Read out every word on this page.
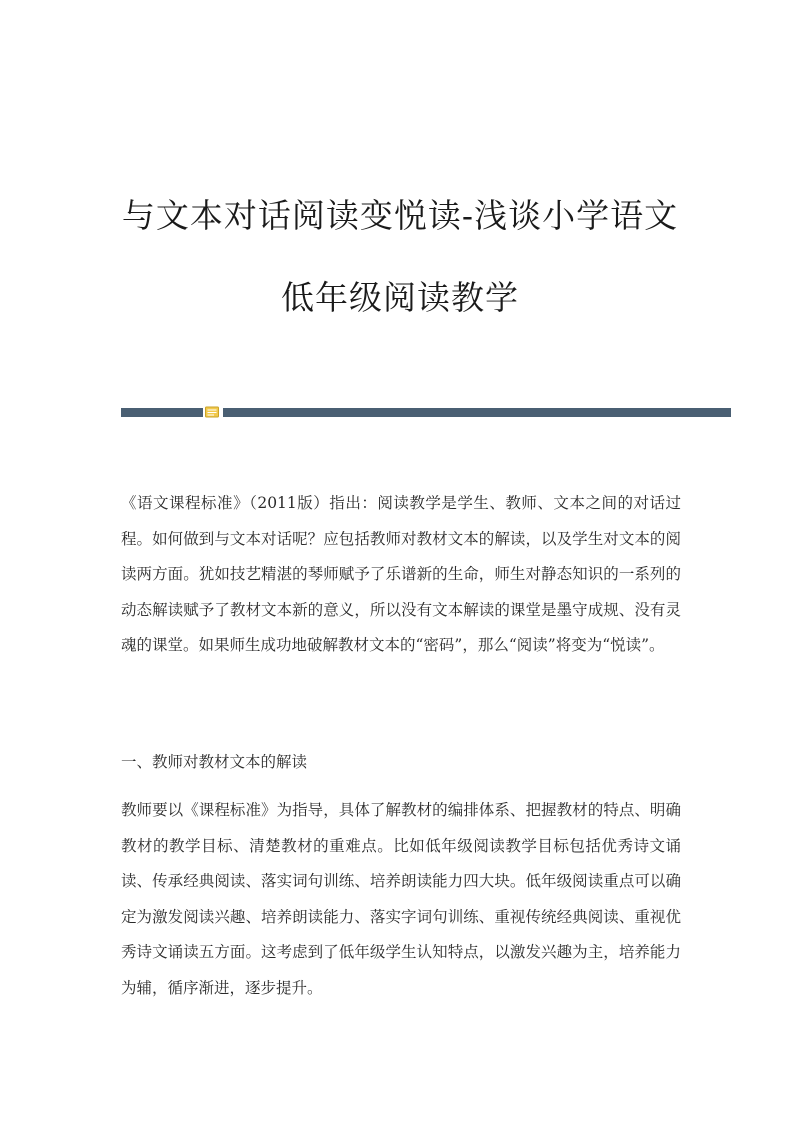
与文本对话阅读变悦读-浅谈小学语文
低年级阅读教学

《语文课程标准》（2011版）指出：阅读教学是学生、教师、文本之间的对话过程。如何做到与文本对话呢？应包括教师对教材文本的解读，以及学生对文本的阅读两方面。犹如技艺精湛的琴师赋予了乐谱新的生命，师生对静态知识的一系列的动态解读赋予了教材文本新的意义，所以没有文本解读的课堂是墨守成规、没有灵魂的课堂。如果师生成功地破解教材文本的“密码”，那么“阅读”将变为“悦读”。

一、教师对教材文本的解读

教师要以《课程标准》为指导，具体了解教材的编排体系、把握教材的特点、明确教材的教学目标、清楚教材的重难点。比如低年级阅读教学目标包括优秀诗文诵读、传承经典阅读、落实词句训练、培养朗读能力四大块。低年级阅读重点可以确定为激发阅读兴趣、培养朗读能力、落实字词句训练、重视传统经典阅读、重视优秀诗文诵读五方面。这考虑到了低年级学生认知特点，以激发兴趣为主，培养能力为辅，循序渐进，逐步提升。
